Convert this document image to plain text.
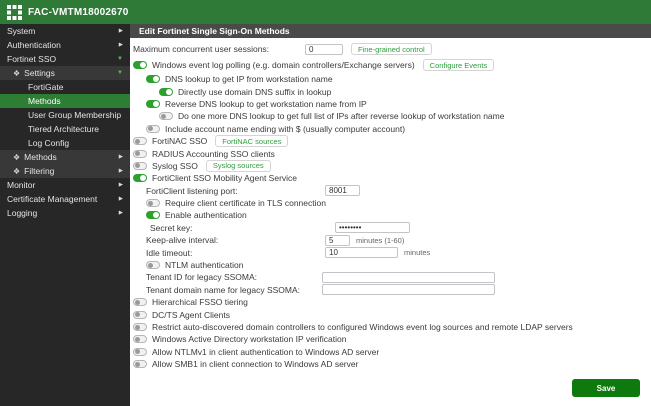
FAC-VMTM18002670
System	▶
Authentication	▶
Fortinet SSO	▼
❖ Settings	▼
FortiGate
Methods
User Group Membership
Tiered Architecture
Log Config
❖ Methods	▶
❖ Filtering	▶
Monitor	▶
Certificate Management	▶
Logging	▶
Edit Fortinet Single Sign-On Methods
Maximum concurrent user sessions:
0	Fine-grained control
Windows event log polling (e.g. domain controllers/Exchange servers)	Configure Events
DNS lookup to get IP from workstation name
Directly use domain DNS suffix in lookup
Reverse DNS lookup to get workstation name from IP
Do one more DNS lookup to get full list of IPs after reverse lookup of workstation name
Include account name ending with $ (usually computer account)
FortiNAC SSO	FortiNAC sources
RADIUS Accounting SSO clients
Syslog SSO	Syslog sources
FortiClient SSO Mobility Agent Service
FortiClient listening port:
8001
Require client certificate in TLS connection
Enable authentication
Secret key:
••••••••
Keep-alive interval:
5	minutes (1-60)
Idle timeout:
10	minutes
NTLM authentication
Tenant ID for legacy SSOMA:
Tenant domain name for legacy SSOMA:
Hierarchical FSSO tiering
DC/TS Agent Clients
Restrict auto-discovered domain controllers to configured Windows event log sources and remote LDAP servers
Windows Active Directory workstation IP verification
Allow NTLMv1 in client authentication to Windows AD server
Allow SMB1 in client connection to Windows AD server
Save
